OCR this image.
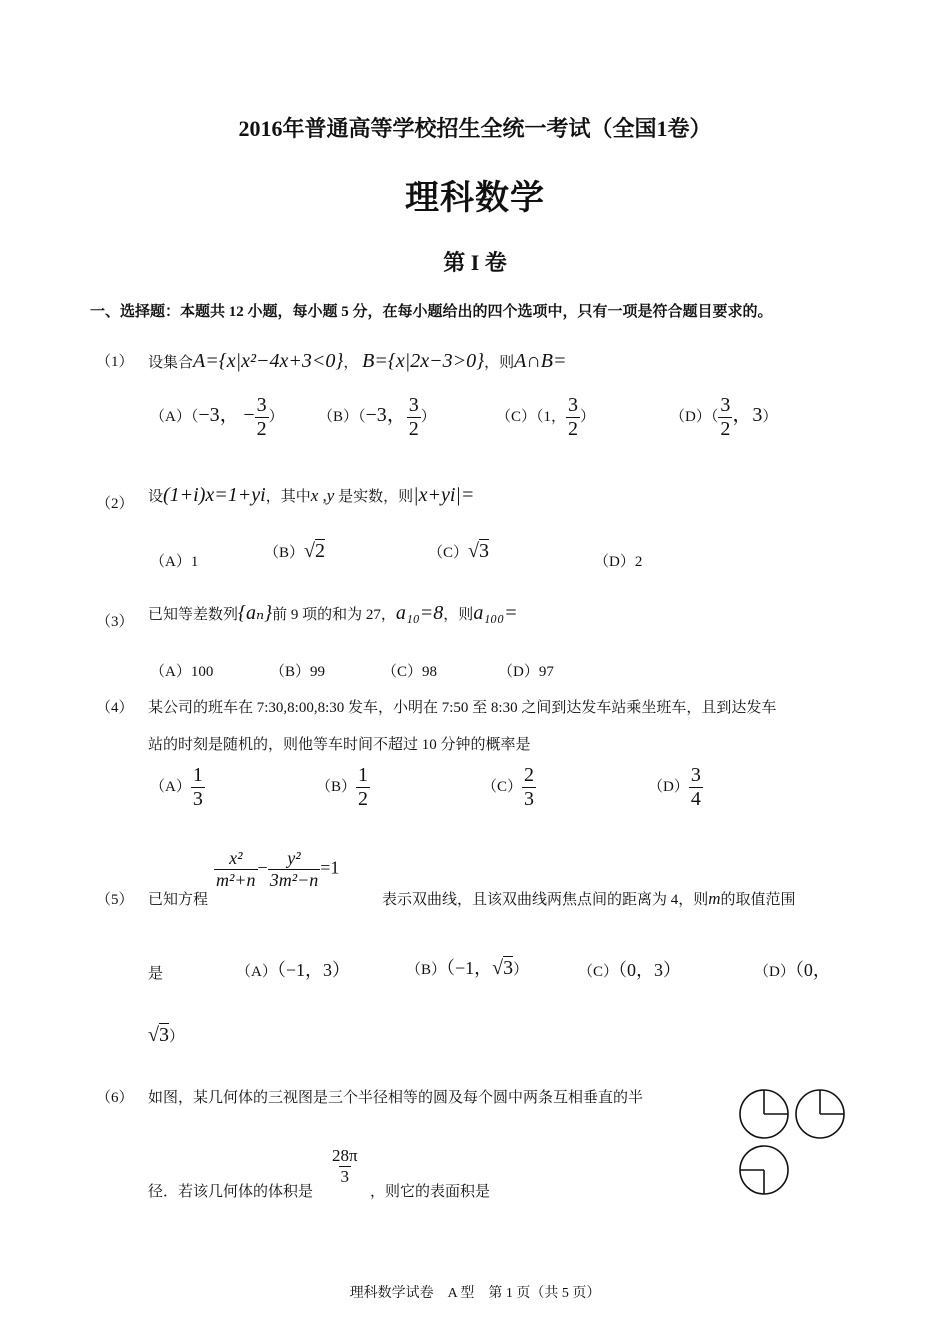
2016年普通高等学校招生全统一考试（全国1卷）
理科数学
第 I 卷
一、选择题：本题共 12 小题，每小题 5 分，在每小题给出的四个选项中，只有一项是符合题目要求的。
（1） 设集合A={x|x²−4x+3<0}， B={x|2x−3>0}，则A∩B=
（A）（−3， − $\frac{3}{2}$ ） （B）（−3， $\frac{3}{2}$ ）	（C）（1， $\frac{3}{2}$ ）	$(D)( \frac{3}{2}$ ，3）
（2） 设(1+i)x=1+yi，其中x ,y 是实数，则|x+yi|=
（A）1
（B）√2	（C）√3	（D）2
（3） 已知等差数列{aₙ}前 9 项的和为 27，a₁₀=8，则a₁₀₀=
（A）100	（B）99	（C）98	（D）97
（4） 某公司的班车在 7:30,8:00,8:30 发车，小明在 7:50 至 8:30 之间到达发车站乘坐班车，且到达发车
站的时刻是随机的，则他等车时间不超过 10 分钟的概率是
$(A) \frac{1}{3}$	$(B) \frac{1}{2}$	$(C) \frac{2}{3}$	$(D) \frac{3}{4}$
（5） 已知方程
$\frac{\text{x²}}{\text{m²+n}} - \frac{\text{y²}}{\text{3m²−n}} =1$
表示双曲线，且该双曲线两焦点间的距离为 4，则m的取值范围
是	（A）（−1，3）	（B）（−1，√3）	（C）（0，3）	（D）（0，
√3）
（6） 如图，某几何体的三视图是三个半径相等的圆及每个圆中两条互相垂直的半
径．若该几何体的体积是
$\frac{28\pi}{3}$
，则它的表面积是
理科数学试卷　A 型　第 1 页（共 5 页）
